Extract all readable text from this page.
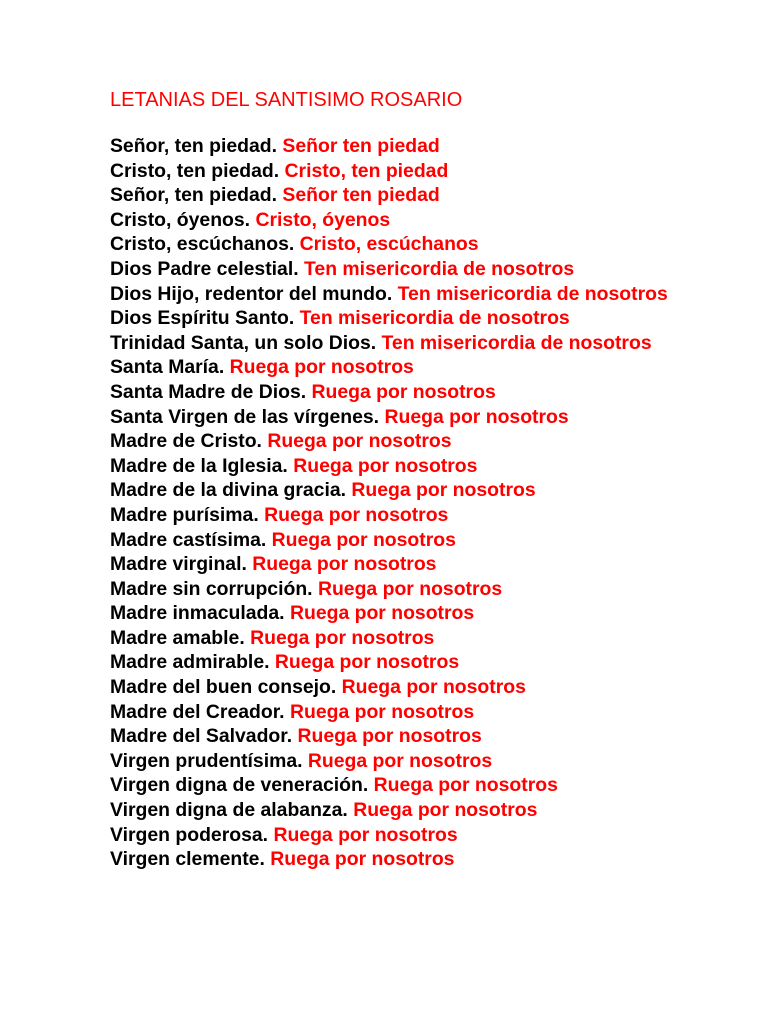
LETANIAS DEL SANTISIMO ROSARIO

Señor, ten piedad. Señor ten piedad

Cristo, ten piedad. Cristo, ten piedad

Señor, ten piedad. Señor ten piedad

Cristo, óyenos. Cristo, óyenos

Cristo, escúchanos. Cristo, escúchanos

Dios Padre celestial. Ten misericordia de nosotros

Dios Hijo, redentor del mundo. Ten misericordia de nosotros

Dios Espíritu Santo. Ten misericordia de nosotros

Trinidad Santa, un solo Dios. Ten misericordia de nosotros

Santa María. Ruega por nosotros

Santa Madre de Dios. Ruega por nosotros

Santa Virgen de las vírgenes. Ruega por nosotros

Madre de Cristo. Ruega por nosotros

Madre de la Iglesia. Ruega por nosotros

Madre de la divina gracia. Ruega por nosotros

Madre purísima. Ruega por nosotros

Madre castísima. Ruega por nosotros

Madre virginal. Ruega por nosotros

Madre sin corrupción. Ruega por nosotros

Madre inmaculada. Ruega por nosotros

Madre amable. Ruega por nosotros

Madre admirable. Ruega por nosotros

Madre del buen consejo. Ruega por nosotros

Madre del Creador. Ruega por nosotros

Madre del Salvador. Ruega por nosotros

Virgen prudentísima. Ruega por nosotros

Virgen digna de veneración. Ruega por nosotros

Virgen digna de alabanza. Ruega por nosotros

Virgen poderosa. Ruega por nosotros

Virgen clemente. Ruega por nosotros
